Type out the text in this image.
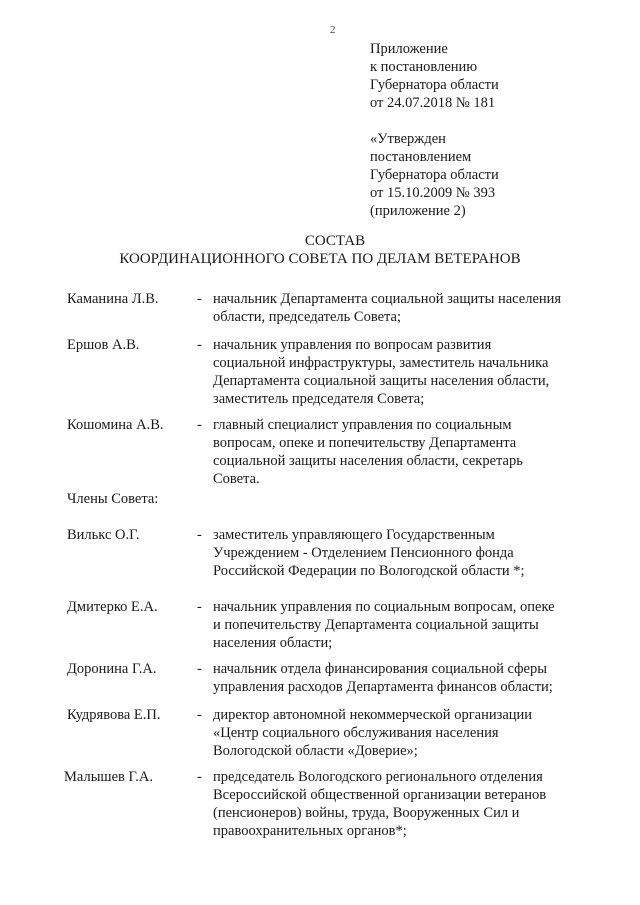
2
Приложение
к постановлению
Губернатора области
от 24.07.2018 № 181
«Утвержден
постановлением
Губернатора области
от 15.10.2009 № 393
(приложение 2)
СОСТАВ
КООРДИНАЦИОННОГО СОВЕТА ПО ДЕЛАМ ВЕТЕРАНОВ
Каманина Л.В.	- начальник Департамента социальной защиты населения
области, председатель Совета;
Ершов А.В.	- начальник управления по вопросам развития
социальной инфраструктуры, заместитель начальника
Департамента социальной защиты населения области,
заместитель председателя Совета;
Кошомина А.В. - главный специалист управления по социальным
вопросам, опеке и попечительству Департамента
социальной защиты населения области, секретарь
Совета.
Члены Совета:
Вилькс О.Г.	- заместитель управляющего Государственным
Учреждением - Отделением Пенсионного фонда
Российской Федерации по Вологодской области *;
Дмитерко Е.А.	- начальник управления по социальным вопросам, опеке
и попечительству Департамента социальной защиты
населения области;
Доронина Г.А.	- начальник отдела финансирования социальной сферы
управления расходов Департамента финансов области;
Кудрявова Е.П.	- директор автономной некоммерческой организации
«Центр социального обслуживания населения
Вологодской области «Доверие»;
Малышев Г.А.	- председатель Вологодского регионального отделения
Всероссийской общественной организации ветеранов
(пенсионеров) войны, труда, Вооруженных Сил и
правоохранительных органов*;
